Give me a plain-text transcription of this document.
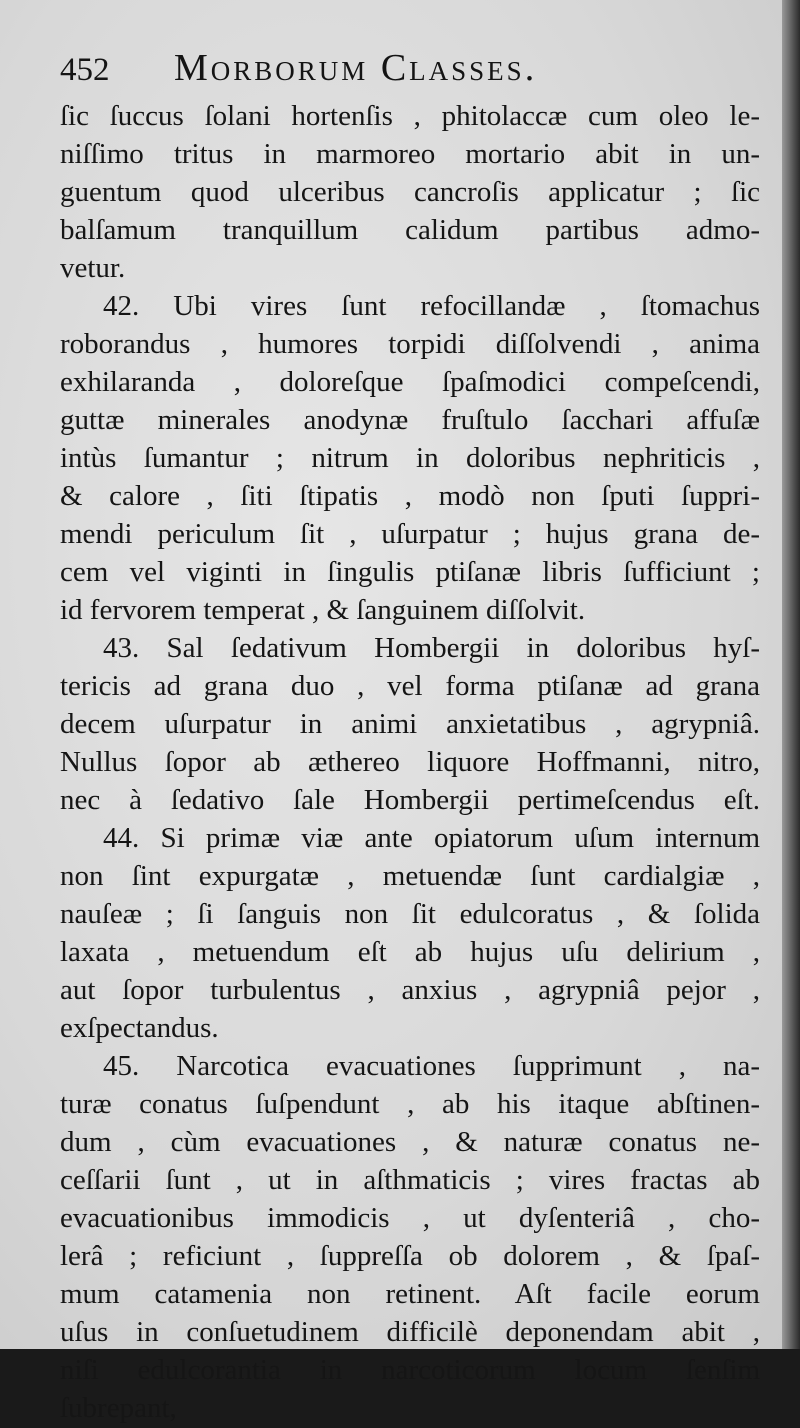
452 Morborum Classes.
ſic ſuccus ſolani hortenſis , phitolaccæ cum oleo le-
niſſimo tritus in marmoreo mortario abit in un-
guentum quod ulceribus cancroſis applicatur ; ſic
balſamum tranquillum calidum partibus admo-
vetur.
42. Ubi vires ſunt refocillandæ , ſtomachus
roborandus , humores torpidi diſſolvendi , anima
exhilaranda , doloreſque ſpaſmodici compeſcendi,
guttæ minerales anodynæ fruſtulo ſacchari affuſæ
intùs ſumantur ; nitrum in doloribus nephriticis ,
& calore , ſiti ſtipatis , modò non ſputi ſuppri-
mendi periculum ſit , uſurpatur ; hujus grana de-
cem vel viginti in ſingulis ptiſanæ libris ſufficiunt ;
id fervorem temperat , & ſanguinem diſſolvit.
43. Sal ſedativum Hombergii in doloribus hyſ-
tericis ad grana duo , vel forma ptiſanæ ad grana
decem uſurpatur in animi anxietatibus , agrypniâ.
Nullus ſopor ab æthereo liquore Hoffmanni, nitro,
nec à ſedativo ſale Hombergii pertimeſcendus eſt.
44. Si primæ viæ ante opiatorum uſum internum
non ſint expurgatæ , metuendæ ſunt cardialgiæ ,
nauſeæ ; ſi ſanguis non ſit edulcoratus , & ſolida
laxata , metuendum eſt ab hujus uſu delirium ,
aut ſopor turbulentus , anxius , agrypniâ pejor ,
exſpectandus.
45. Narcotica evacuationes ſupprimunt , na-
turæ conatus ſuſpendunt , ab his itaque abſtinen-
dum , cùm evacuationes , & naturæ conatus ne-
ceſſarii ſunt , ut in aſthmaticis ; vires fractas ab
evacuationibus immodicis , ut dyſenteriâ , cho-
lerâ ; reficiunt , ſuppreſſa ob dolorem , & ſpaſ-
mum catamenia non retinent. Aſt facile eorum
uſus in conſuetudinem difficilè deponendam abit ,
niſi edulcorantia in narcoticorum locum ſenſim
ſubrepant,
